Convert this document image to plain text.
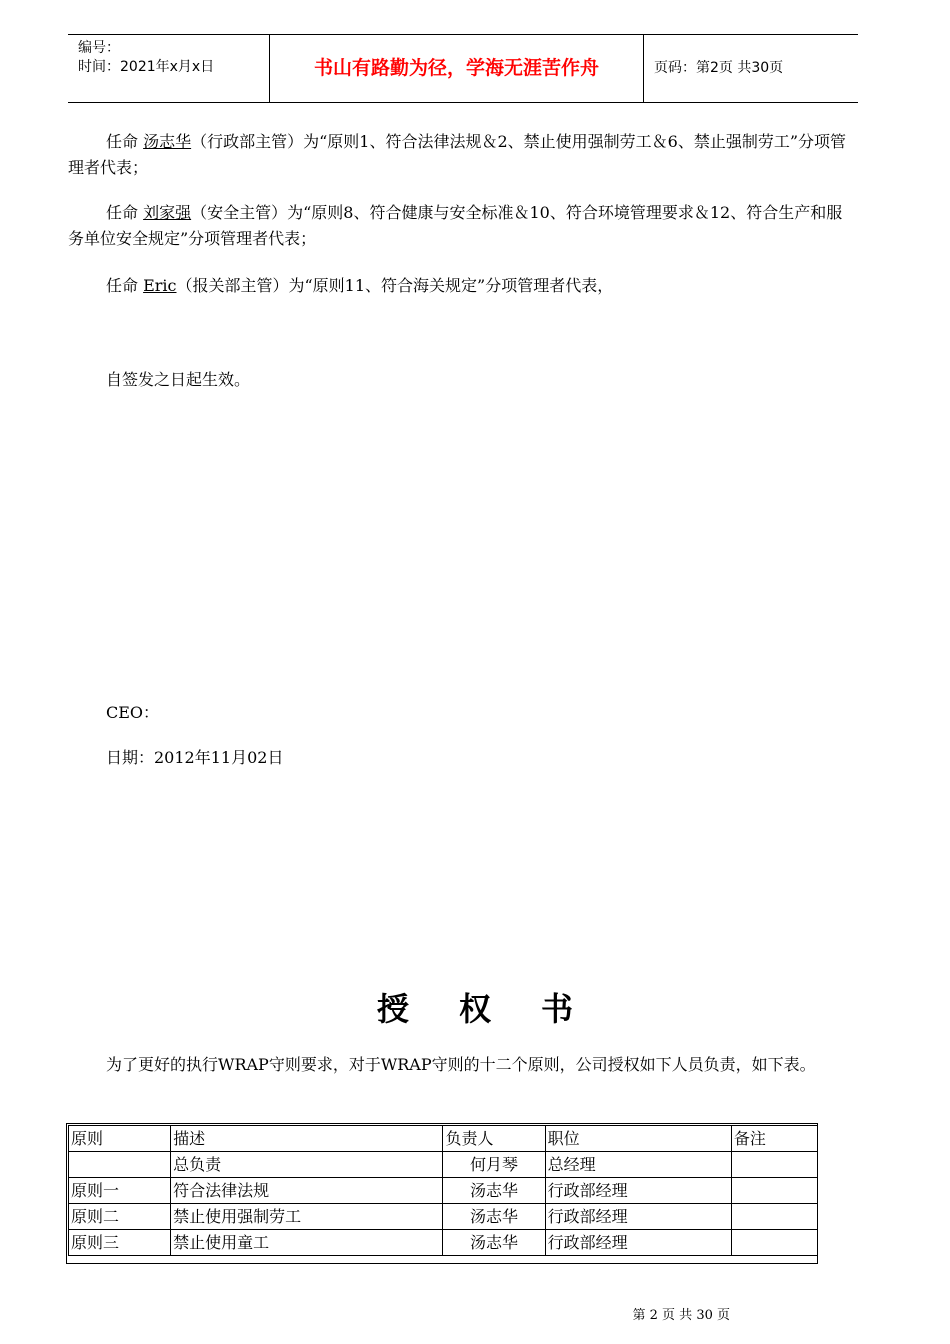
编号：
时间：2021年x月x日	书山有路勤为径，学海无涯苦作舟	页码：第2页 共30页
任命 汤志华（行政部主管）为“原则1、符合法律法规＆2、禁止使用强制劳工＆6、禁止强制劳工”分项管理者代表；
任命 刘家强（安全主管）为“原则8、符合健康与安全标准＆10、符合环境管理要求＆12、符合生产和服务单位安全规定”分项管理者代表；
任命 Eric（报关部主管）为“原则11、符合海关规定”分项管理者代表，
自签发之日起生效。
CEO：
日期：2012年11月02日
授权书
为了更好的执行WRAP守则要求，对于WRAP守则的十二个原则，公司授权如下人员负责，如下表。
原则	描述	负责人	职位	备注
	总负责	何月琴	总经理	
原则一	符合法律法规	汤志华	行政部经理	
原则二	禁止使用强制劳工	汤志华	行政部经理	
原则三	禁止使用童工	汤志华	行政部经理	
第 2 页 共 30 页
